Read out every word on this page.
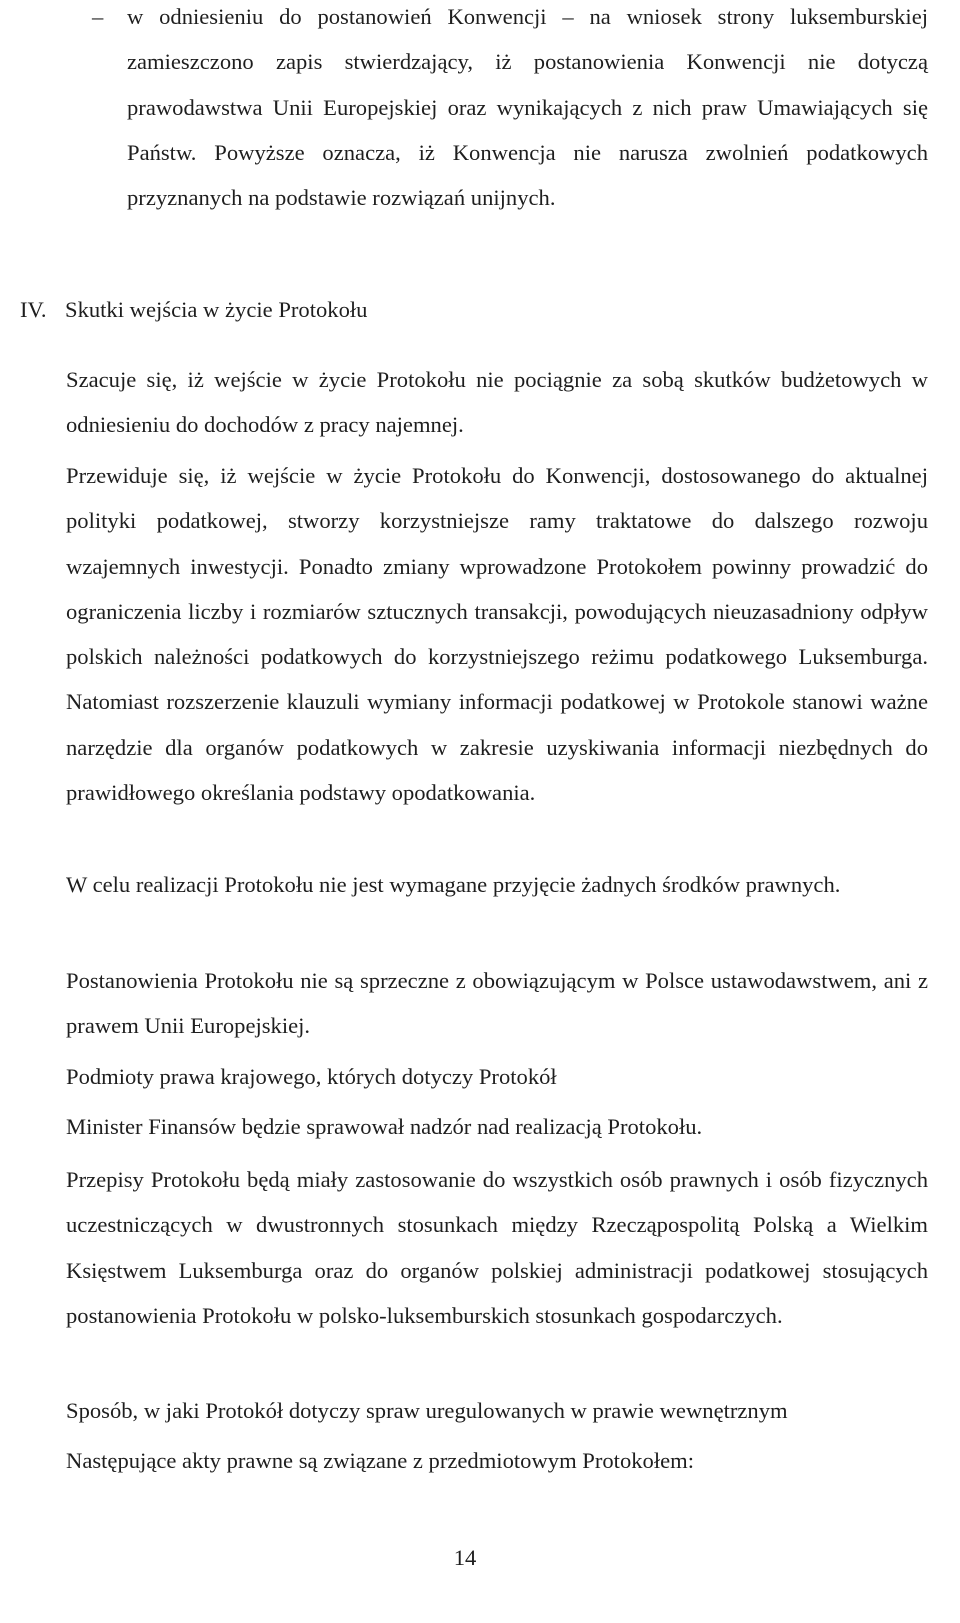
–	w odniesieniu do postanowień Konwencji – na wniosek strony luksemburskiej zamieszczono zapis stwierdzający, iż postanowienia Konwencji nie dotyczą prawodawstwa Unii Europejskiej oraz wynikających z nich praw Umawiających się Państw. Powyższe oznacza, iż Konwencja nie narusza zwolnień podatkowych przyznanych na podstawie rozwiązań unijnych.
IV. Skutki wejścia w życie Protokołu

Szacuje się, iż wejście w życie Protokołu nie pociągnie za sobą skutków budżetowych w odniesieniu do dochodów z pracy najemnej.

Przewiduje się, iż wejście w życie Protokołu do Konwencji, dostosowanego do aktualnej polityki podatkowej, stworzy korzystniejsze ramy traktatowe do dalszego rozwoju wzajemnych inwestycji. Ponadto zmiany wprowadzone Protokołem powinny prowadzić do ograniczenia liczby i rozmiarów sztucznych transakcji, powodujących nieuzasadniony odpływ polskich należności podatkowych do korzystniejszego reżimu podatkowego Luksemburga. Natomiast rozszerzenie klauzuli wymiany informacji podatkowej w Protokole stanowi ważne narzędzie dla organów podatkowych w zakresie uzyskiwania informacji niezbędnych do prawidłowego określania podstawy opodatkowania.

W celu realizacji Protokołu nie jest wymagane przyjęcie żadnych środków prawnych.

Postanowienia Protokołu nie są sprzeczne z obowiązującym w Polsce ustawodawstwem, ani z prawem Unii Europejskiej.

Podmioty prawa krajowego, których dotyczy Protokół

Minister Finansów będzie sprawował nadzór nad realizacją Protokołu.

Przepisy Protokołu będą miały zastosowanie do wszystkich osób prawnych i osób fizycznych uczestniczących w dwustronnych stosunkach między Rzecząpospolitą Polską a Wielkim Księstwem Luksemburga oraz do organów polskiej administracji podatkowej stosujących postanowienia Protokołu w polsko-luksemburskich stosunkach gospodarczych.

Sposób, w jaki Protokół dotyczy spraw uregulowanych w prawie wewnętrznym

Następujące akty prawne są związane z przedmiotowym Protokołem:

14
